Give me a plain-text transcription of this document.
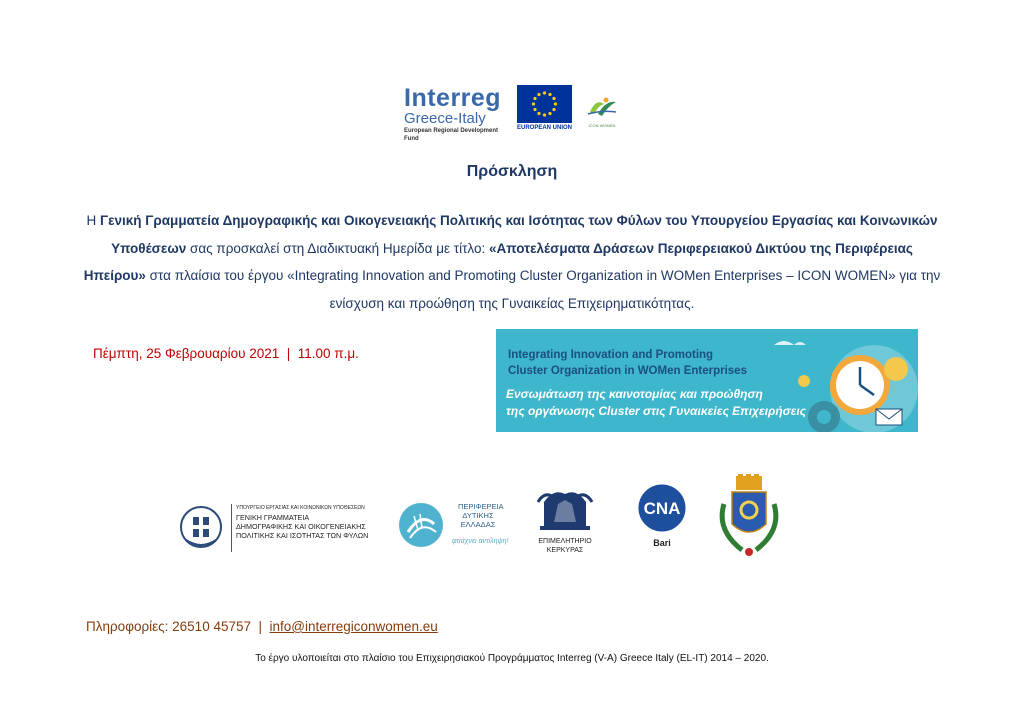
Interreg
Greece-Italy
European Regional Development Fund
EUROPEAN UNION	ICON WOMEN
Πρόσκληση
Η Γενική Γραμματεία Δημογραφικής και Οικογενειακής Πολιτικής και Ισότητας των Φύλων του Υπουργείου Εργασίας και Κοινωνικών Υποθέσεων σας προσκαλεί στη Διαδικτυακή Ημερίδα με τίτλο: «Αποτελέσματα Δράσεων Περιφερειακού Δικτύου της Περιφέρειας Ηπείρου» στα πλαίσια του έργου «Integrating Innovation and Promoting Cluster Organization in WOMen Enterprises – ICON WOMEN» για την ενίσχυση και προώθηση της Γυναικείας Επιχειρηματικότητας.
Πέμπτη, 25 Φεβρουαρίου 2021  |  11.00 π.μ.	Integrating Innovation and Promoting
Cluster Organization in WOMen Enterprises
Ενσωμάτωση της καινοτομίας και προώθηση
της οργάνωσης Cluster στις Γυναικείες Επιχειρήσεις
ΥΠΟΥΡΓΕΙΟ ΕΡΓΑΣΙΑΣ ΚΑΙ ΚΟΙΝΩΝΙΚΩΝ ΥΠΟΘΕΣΕΩΝ
ΓΕΝΙΚΗ ΓΡΑΜΜΑΤΕΙΑ
ΔΗΜΟΓΡΑΦΙΚΗΣ ΚΑΙ ΟΙΚΟΓΕΝΕΙΑΚΗΣ
ΠΟΛΙΤΙΚΗΣ ΚΑΙ ΙΣΟΤΗΤΑΣ ΤΩΝ ΦΥΛΩΝ
ΠΕΡΙΦΕΡΕΙΑ
ΔΥΤΙΚΗΣ
ΕΛΛΑΔΑΣ
φτιάχνει αντίληψη!	ΕΠΙΜΕΛΗΤΗΡΙΟ
ΚΕΡΚΥΡΑΣ
CNA
Bari
Πληροφορίες: 26510 45757  |  info@interregiconwomen.eu
Το έργο υλοποιείται στο πλαίσιο του Επιχειρησιακού Προγράμματος Interreg (V-A) Greece Italy (EL-IT) 2014 – 2020.
